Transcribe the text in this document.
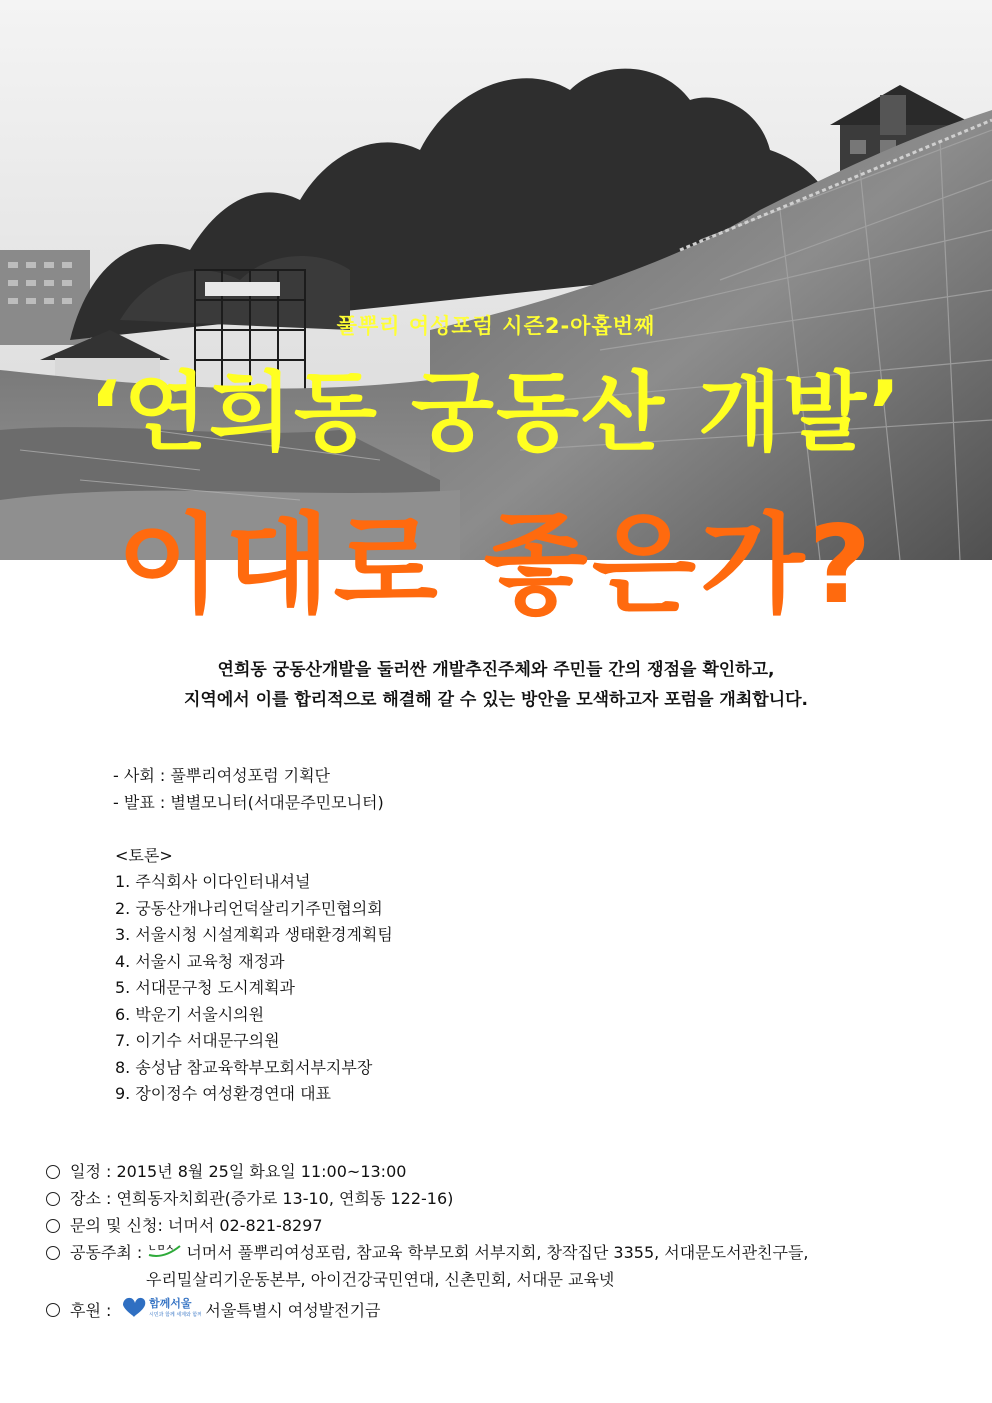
풀뿌리 여성포럼 시즌2-아홉번째
‘연희동 궁동산 개발’
이대로 좋은가?
연희동 궁동산개발을 둘러싼 개발추진주체와 주민들 간의 쟁점을 확인하고,
지역에서 이를 합리적으로 해결해 갈 수 있는 방안을 모색하고자 포럼을 개최합니다.
- 사회 : 풀뿌리여성포럼 기획단
- 발표 : 별별모니터(서대문주민모니터)
<토론>
1. 주식회사 이다인터내셔널
2. 궁동산개나리언덕살리기주민협의회
3. 서울시청 시설계획과 생태환경계획팀
4. 서울시 교육청 재정과
5. 서대문구청 도시계획과
6. 박운기 서울시의원
7. 이기수 서대문구의원
8. 송성남 참교육학부모회서부지부장
9. 장이정수 여성환경연대 대표
일정 : 2015년 8월 25일 화요일 11:00~13:00
장소 : 연희동자치회관(증가로 13-10, 연희동 122-16)
문의 및 신청: 너머서 02-821-8297
공동주최 : ㄴㅁㅅ 너머서 풀뿌리여성포럼, 참교육 학부모회 서부지회, 창작집단 3355, 서대문도서관친구들,
우리밀살리기운동본부, 아이건강국민연대, 신촌민회, 서대문 교육넷
후원 :	함께서울
시민과 함께 세계와 함께 서울특별시 여성발전기금
